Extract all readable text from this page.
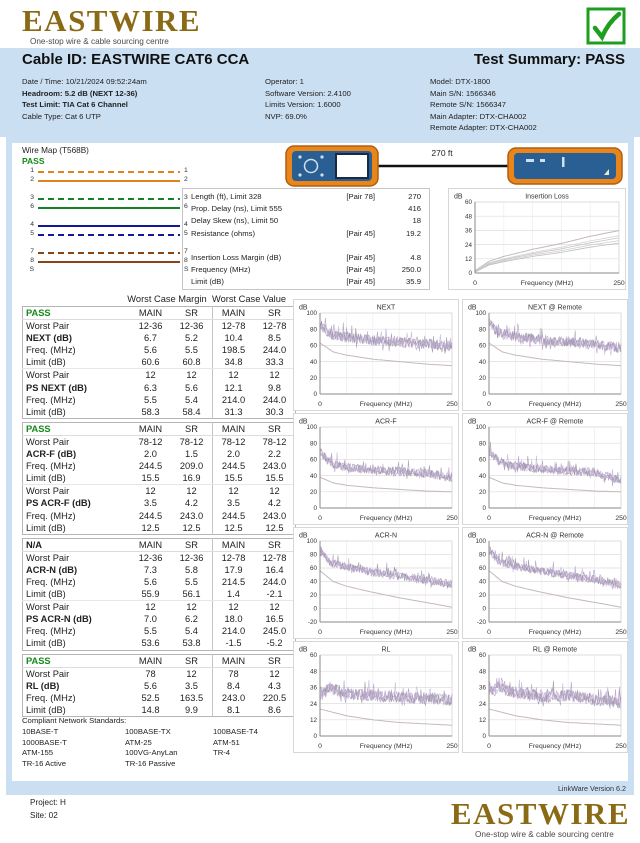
EASTWIRE
One-stop wire & cable sourcing centre
Cable ID: EASTWIRE CAT6 CCA	Test Summary: PASS
Date / Time: 10/21/2024 09:52:24am
Headroom: 5.2 dB (NEXT 12-36)
Test Limit: TIA Cat 6 Channel
Cable Type: Cat 6 UTP
Operator: 1
Software Version: 2.4100
Limits Version: 1.6000
NVP: 69.0%
Model: DTX-1800
Main S/N: 1566346
Remote S/N: 1566347
Main Adapter: DTX-CHA002
Remote Adapter: DTX-CHA002
Wire Map (T568B)
PASS
1	1
2	2
3	3
6	6
4	4
5	5
7	7
8	8
S	S
270 ft
Length (ft), Limit 328	[Pair 78]	270
Prop. Delay (ns), Limit 555	416
Delay Skew (ns), Limit 50	18
Resistance (ohms)	[Pair 45]	19.2
Insertion Loss Margin (dB)	[Pair 45]	4.8
Frequency (MHz)	[Pair 45]	250.0
Limit (dB)	[Pair 45]	35.9
dB	Insertion Loss
0
12
24
36
48
60
0	Frequency (MHz)	250
Worst Case Margin Worst Case Value
PASS	MAIN	SR	MAIN	SR
Worst Pair	12-36	12-36	12-78	12-78
NEXT (dB)	6.7	5.2	10.4	8.5
Freq. (MHz)	5.6	5.5	198.5	244.0
Limit (dB)	60.6	60.8	34.8	33.3
Worst Pair	12	12	12	12
PS NEXT (dB)	6.3	5.6	12.1	9.8
Freq. (MHz)	5.5	5.4	214.0	244.0
Limit (dB)	58.3	58.4	31.3	30.3
PASS	MAIN	SR	MAIN	SR
Worst Pair	78-12	78-12	78-12	78-12
ACR-F (dB)	2.0	1.5	2.0	2.2
Freq. (MHz)	244.5	209.0	244.5	243.0
Limit (dB)	15.5	16.9	15.5	15.5
Worst Pair	12	12	12	12
PS ACR-F (dB)	3.5	4.2	3.5	4.2
Freq. (MHz)	244.5	243.0	244.5	243.0
Limit (dB)	12.5	12.5	12.5	12.5
N/A	MAIN	SR	MAIN	SR
Worst Pair	12-36	12-36	12-78	12-78
ACR-N (dB)	7.3	5.8	17.9	16.4
Freq. (MHz)	5.6	5.5	214.5	244.0
Limit (dB)	55.9	56.1	1.4	-2.1
Worst Pair	12	12	12	12
PS ACR-N (dB)	7.0	6.2	18.0	16.5
Freq. (MHz)	5.5	5.4	214.0	245.0
Limit (dB)	53.6	53.8	-1.5	-5.2
PASS	MAIN	SR	MAIN	SR
Worst Pair	78	12	78	12
RL (dB)	5.6	3.5	8.4	4.3
Freq. (MHz)	52.5	163.5	243.0	220.5
Limit (dB)	14.8	9.9	8.1	8.6
Compliant Network Standards:
10BASE-T
1000BASE-T
ATM-155
TR-16 Active
100BASE-TX
ATM-25
100VG-AnyLan
TR-16 Passive
100BASE-T4
ATM-51
TR-4
dB	NEXT
0
20
40
60
80
100
0	Frequency (MHz)	250
dB	NEXT @ Remote
0
20
40
60
80
100
0	Frequency (MHz)	250
dB	ACR-F
0
20
40
60
80
100
0	Frequency (MHz)	250
dB	ACR-F @ Remote
0
20
40
60
80
100
0	Frequency (MHz)	250
dB	ACR-N
-20
0
20
40
60
80
100
0	Frequency (MHz)	250
dB	ACR-N @ Remote
-20
0
20
40
60
80
100
0	Frequency (MHz)	250
dB	RL
0
12
24
36
48
60
0	Frequency (MHz)	250
dB	RL @ Remote
0
12
24
36
48
60
0	Frequency (MHz)	250
LinkWare Version 6.2
Project: H
Site: 02	EASTWIRE
One-stop wire & cable sourcing centre
